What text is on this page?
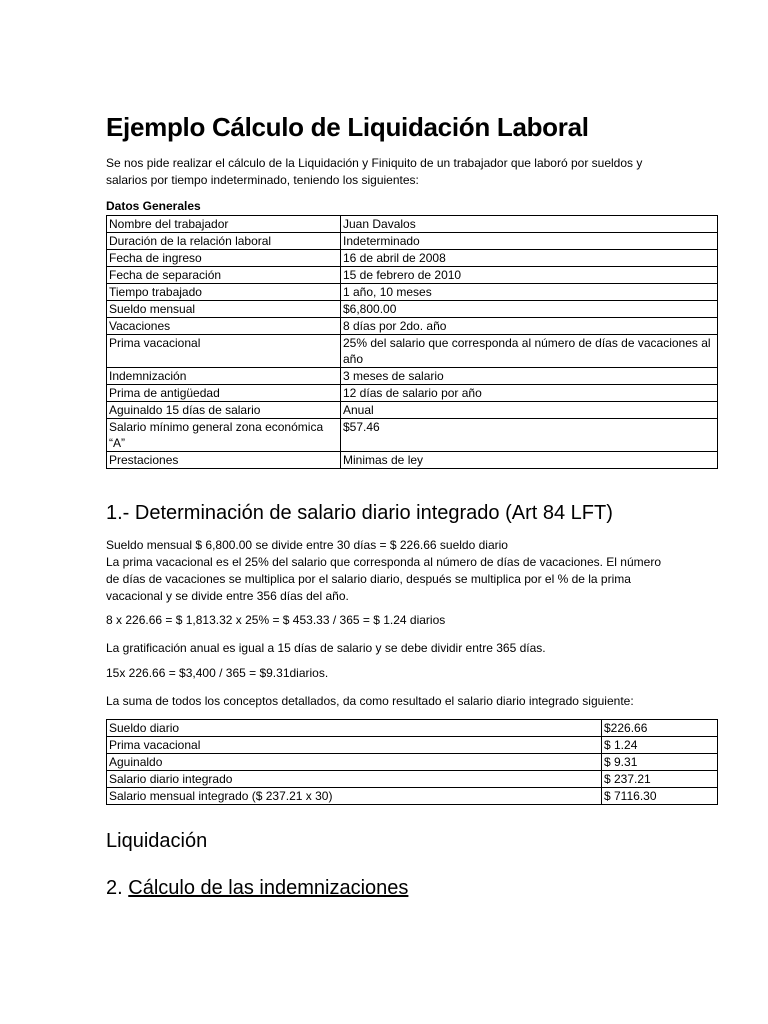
Ejemplo Cálculo de Liquidación Laboral

Se nos pide realizar el cálculo de la Liquidación y Finiquito de un trabajador que laboró por sueldos y salarios por tiempo indeterminado, teniendo los siguientes:

Datos Generales

Nombre del trabajador	Juan Davalos
Duración de la relación laboral	Indeterminado
Fecha de ingreso	16 de abril de 2008
Fecha de separación	15 de febrero de 2010
Tiempo trabajado	1 año, 10 meses
Sueldo mensual	$6,800.00
Vacaciones	8 días por 2do. año
Prima vacacional	25% del salario que corresponda al número de días de vacaciones al año
Indemnización	3 meses de salario
Prima de antigüedad	12 días de salario por año
Aguinaldo 15 días de salario	Anual
Salario mínimo general zona económica “A”	$57.46
Prestaciones	Minimas de ley
1.- Determinación de salario diario integrado (Art 84 LFT)

Sueldo mensual $ 6,800.00 se divide entre 30 días = $ 226.66 sueldo diario
La prima vacacional es el 25% del salario que corresponda al número de días de vacaciones. El número de días de vacaciones se multiplica por el salario diario, después se multiplica por el % de la prima vacacional y se divide entre 356 días del año.

8 x 226.66 = $ 1,813.32 x 25% = $ 453.33 / 365 = $ 1.24 diarios

La gratificación anual es igual a 15 días de salario y se debe dividir entre 365 días.

15x 226.66 = $3,400 / 365 = $9.31diarios.

La suma de todos los conceptos detallados, da como resultado el salario diario integrado siguiente:

Sueldo diario	$226.66
Prima vacacional	$ 1.24
Aguinaldo	$ 9.31
Salario diario integrado	$ 237.21
Salario mensual integrado ($ 237.21 x 30)	$ 7116.30
Liquidación
2. Cálculo de las indemnizaciones
